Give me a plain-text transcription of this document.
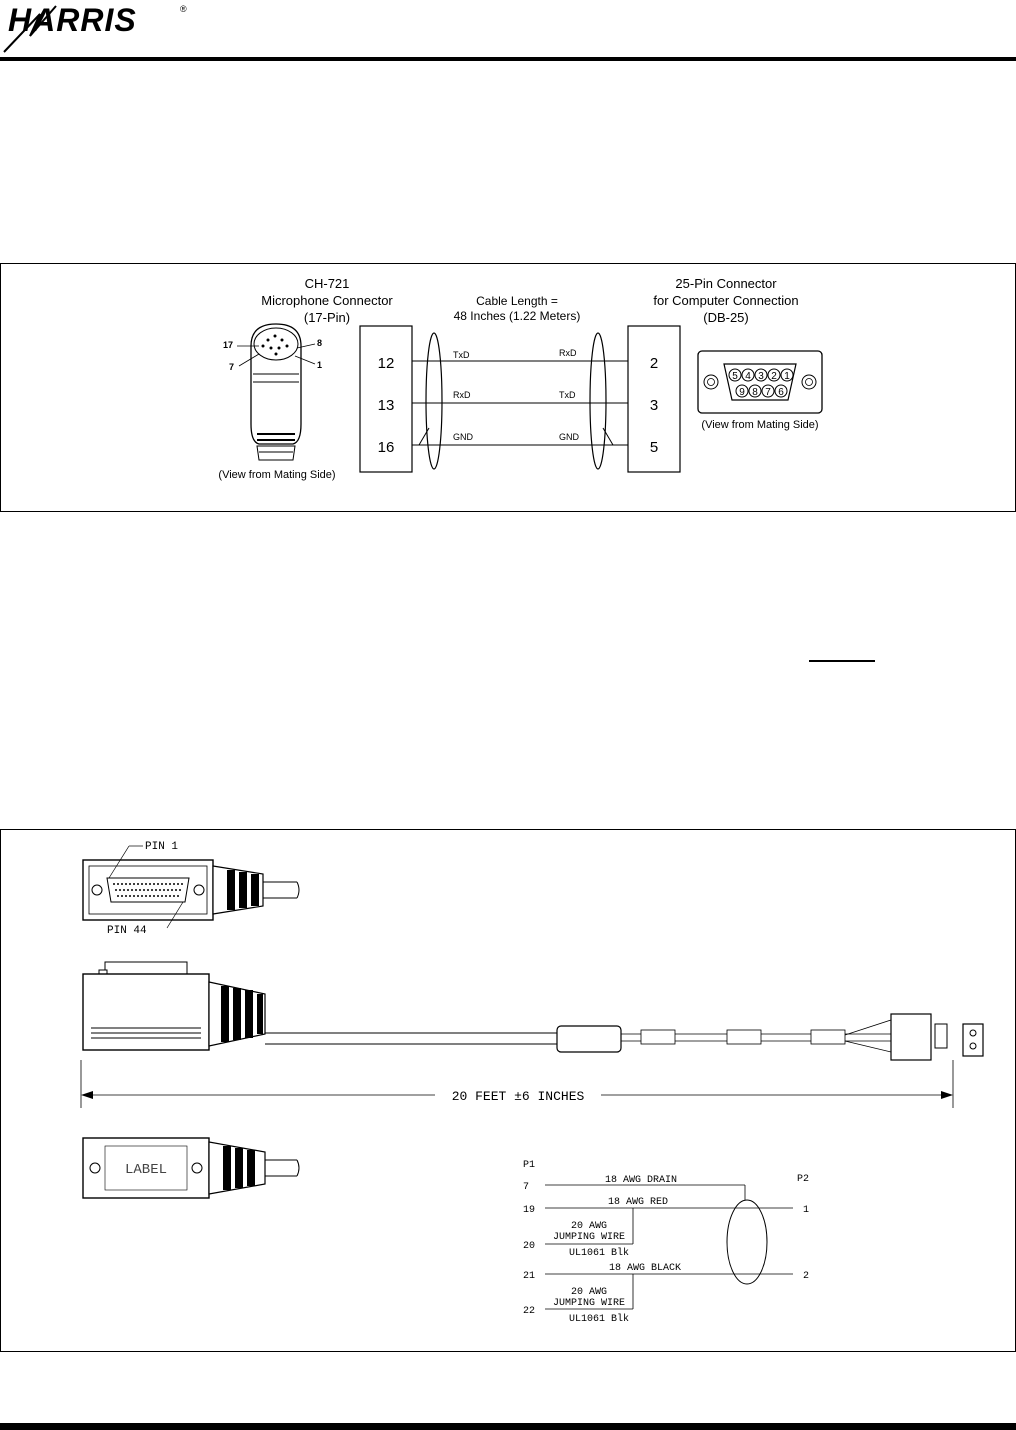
HARRIS	®
CH-721
Microphone Connector
(17-Pin)
17
7
8
1
(View from Mating Side)
12
13
16
Cable Length =
48 Inches (1.22 Meters)
TxD	RxD
RxD	TxD
GND	GND
2
3
5
25-Pin Connector
for Computer Connection
(DB-25)
5 4 3 2 1
9 8 7 6
(View from Mating Side)
PIN 1
PIN 44
20 FEET ±6 INCHES
LABEL	P1
P2
7
19
20
21
22
1
2
18 AWG DRAIN
18 AWG RED
20 AWG
JUMPING WIRE
UL1061 Blk
18 AWG BLACK
20 AWG
JUMPING WIRE
UL1061 Blk
